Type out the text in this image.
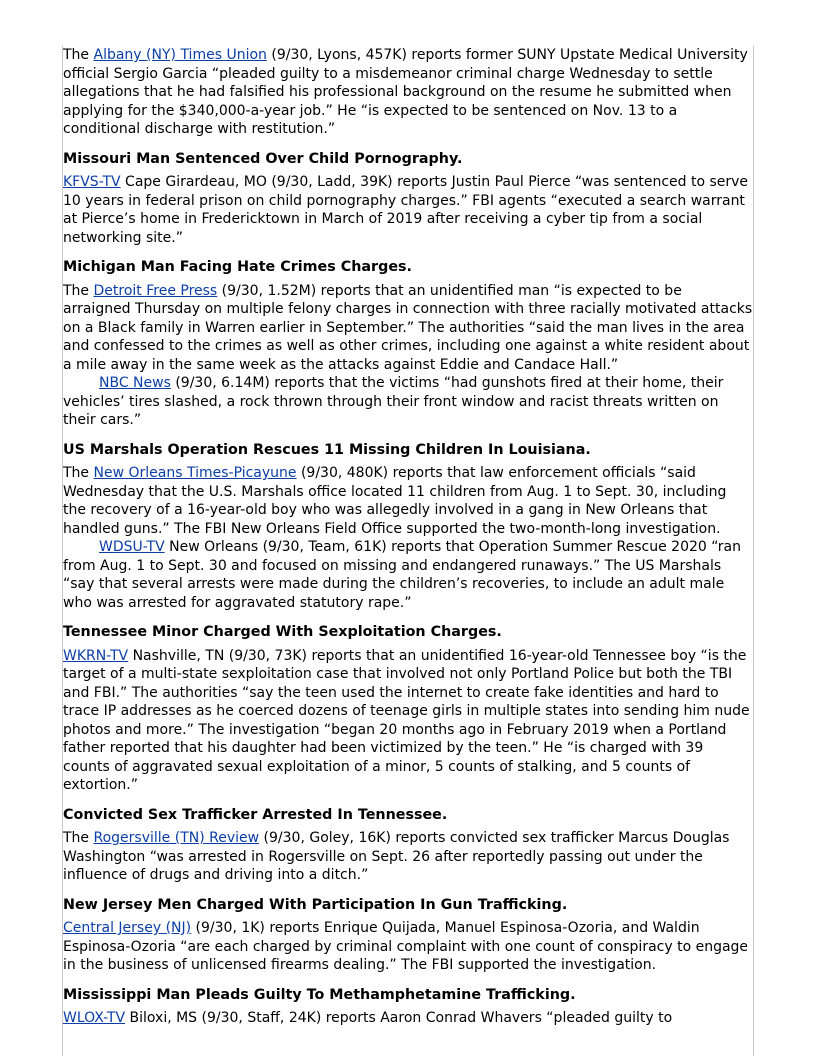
The Albany (NY) Times Union (9/30, Lyons, 457K) reports former SUNY Upstate Medical University official Sergio Garcia “pleaded guilty to a misdemeanor criminal charge Wednesday to settle allegations that he had falsified his professional background on the resume he submitted when applying for the $340,000-a-year job.” He “is expected to be sentenced on Nov. 13 to a conditional discharge with restitution.”

Missouri Man Sentenced Over Child Pornography.

KFVS-TV Cape Girardeau, MO (9/30, Ladd, 39K) reports Justin Paul Pierce “was sentenced to serve 10 years in federal prison on child pornography charges.” FBI agents “executed a search warrant at Pierce’s home in Fredericktown in March of 2019 after receiving a cyber tip from a social networking site.”

Michigan Man Facing Hate Crimes Charges.

The Detroit Free Press (9/30, 1.52M) reports that an unidentified man “is expected to be arraigned Thursday on multiple felony charges in connection with three racially motivated attacks on a Black family in Warren earlier in September.” The authorities “said the man lives in the area and confessed to the crimes as well as other crimes, including one against a white resident about a mile away in the same week as the attacks against Eddie and Candace Hall.”

NBC News (9/30, 6.14M) reports that the victims “had gunshots fired at their home, their vehicles’ tires slashed, a rock thrown through their front window and racist threats written on their cars.”

US Marshals Operation Rescues 11 Missing Children In Louisiana.

The New Orleans Times-Picayune (9/30, 480K) reports that law enforcement officials “said Wednesday that the U.S. Marshals office located 11 children from Aug. 1 to Sept. 30, including the recovery of a 16-year-old boy who was allegedly involved in a gang in New Orleans that handled guns.” The FBI New Orleans Field Office supported the two-month-long investigation.

WDSU-TV New Orleans (9/30, Team, 61K) reports that Operation Summer Rescue 2020 “ran from Aug. 1 to Sept. 30 and focused on missing and endangered runaways.” The US Marshals “say that several arrests were made during the children’s recoveries, to include an adult male who was arrested for aggravated statutory rape.”

Tennessee Minor Charged With Sexploitation Charges.

WKRN-TV Nashville, TN (9/30, 73K) reports that an unidentified 16-year-old Tennessee boy “is the target of a multi-state sexploitation case that involved not only Portland Police but both the TBI and FBI.” The authorities “say the teen used the internet to create fake identities and hard to trace IP addresses as he coerced dozens of teenage girls in multiple states into sending him nude photos and more.” The investigation “began 20 months ago in February 2019 when a Portland father reported that his daughter had been victimized by the teen.” He “is charged with 39 counts of aggravated sexual exploitation of a minor, 5 counts of stalking, and 5 counts of extortion.”

Convicted Sex Trafficker Arrested In Tennessee.

The Rogersville (TN) Review (9/30, Goley, 16K) reports convicted sex trafficker Marcus Douglas Washington “was arrested in Rogersville on Sept. 26 after reportedly passing out under the influence of drugs and driving into a ditch.”

New Jersey Men Charged With Participation In Gun Trafficking.

Central Jersey (NJ) (9/30, 1K) reports Enrique Quijada, Manuel Espinosa-Ozoria, and Waldin Espinosa-Ozoria “are each charged by criminal complaint with one count of conspiracy to engage in the business of unlicensed firearms dealing.” The FBI supported the investigation.

Mississippi Man Pleads Guilty To Methamphetamine Trafficking.

WLOX-TV Biloxi, MS (9/30, Staff, 24K) reports Aaron Conrad Whavers “pleaded guilty to
